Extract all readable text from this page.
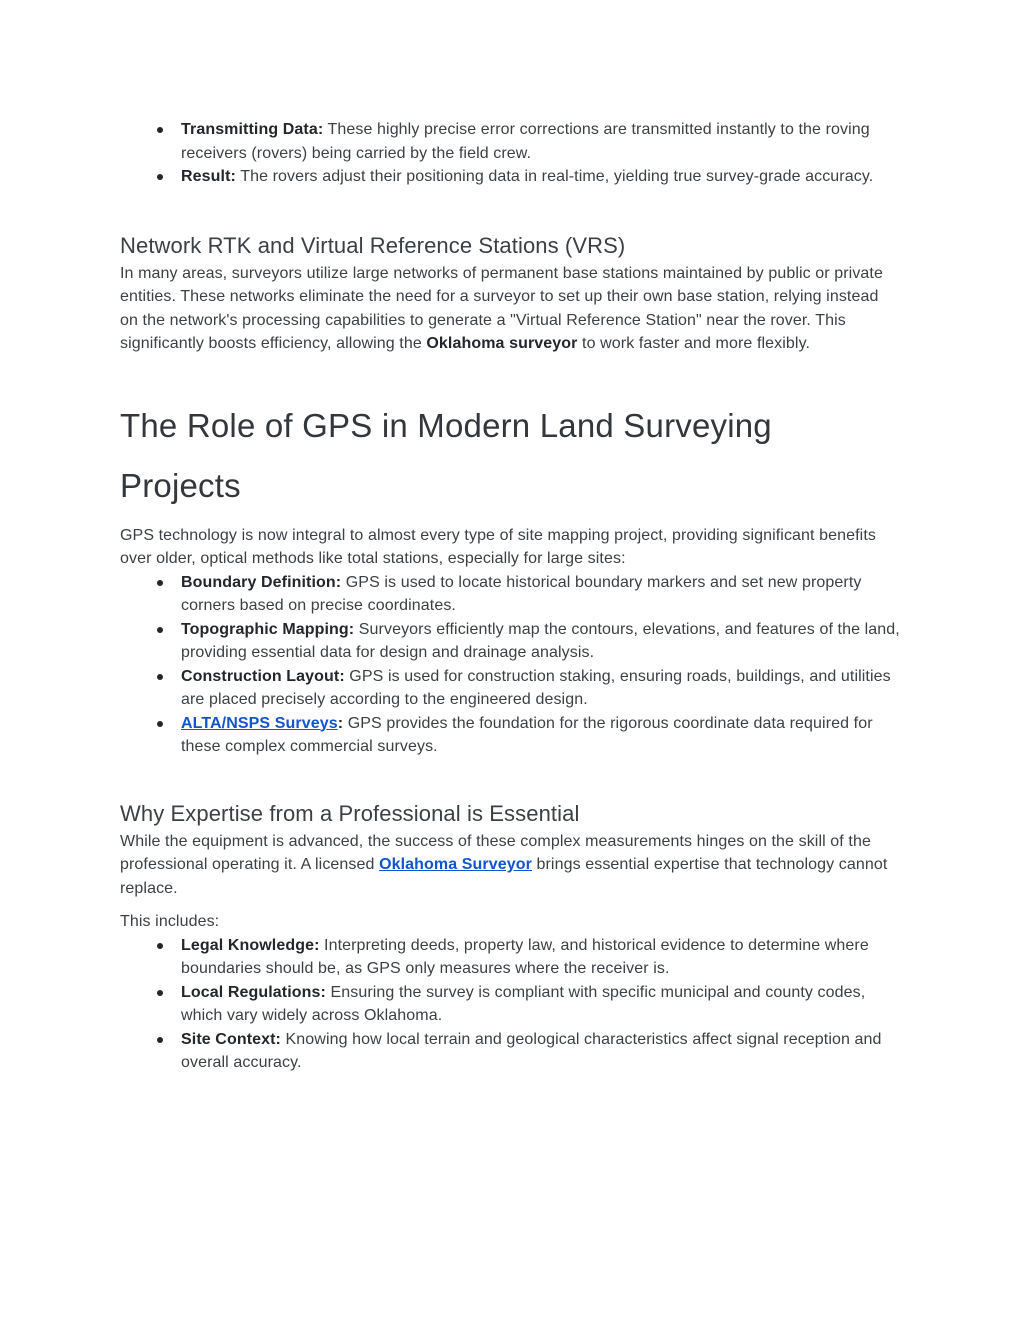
Transmitting Data: These highly precise error corrections are transmitted instantly to the roving receivers (rovers) being carried by the field crew.
Result: The rovers adjust their positioning data in real-time, yielding true survey-grade accuracy.
Network RTK and Virtual Reference Stations (VRS)

In many areas, surveyors utilize large networks of permanent base stations maintained by public or private entities. These networks eliminate the need for a surveyor to set up their own base station, relying instead on the network's processing capabilities to generate a "Virtual Reference Station" near the rover. This significantly boosts efficiency, allowing the Oklahoma surveyor to work faster and more flexibly.

The Role of GPS in Modern Land Surveying Projects

GPS technology is now integral to almost every type of site mapping project, providing significant benefits over older, optical methods like total stations, especially for large sites:

Boundary Definition: GPS is used to locate historical boundary markers and set new property corners based on precise coordinates.
Topographic Mapping: Surveyors efficiently map the contours, elevations, and features of the land, providing essential data for design and drainage analysis.
Construction Layout: GPS is used for construction staking, ensuring roads, buildings, and utilities are placed precisely according to the engineered design.
ALTA/NSPS Surveys: GPS provides the foundation for the rigorous coordinate data required for these complex commercial surveys.
Why Expertise from a Professional is Essential

While the equipment is advanced, the success of these complex measurements hinges on the skill of the professional operating it. A licensed Oklahoma Surveyor brings essential expertise that technology cannot replace.

This includes:

Legal Knowledge: Interpreting deeds, property law, and historical evidence to determine where boundaries should be, as GPS only measures where the receiver is.
Local Regulations: Ensuring the survey is compliant with specific municipal and county codes, which vary widely across Oklahoma.
Site Context: Knowing how local terrain and geological characteristics affect signal reception and overall accuracy.
